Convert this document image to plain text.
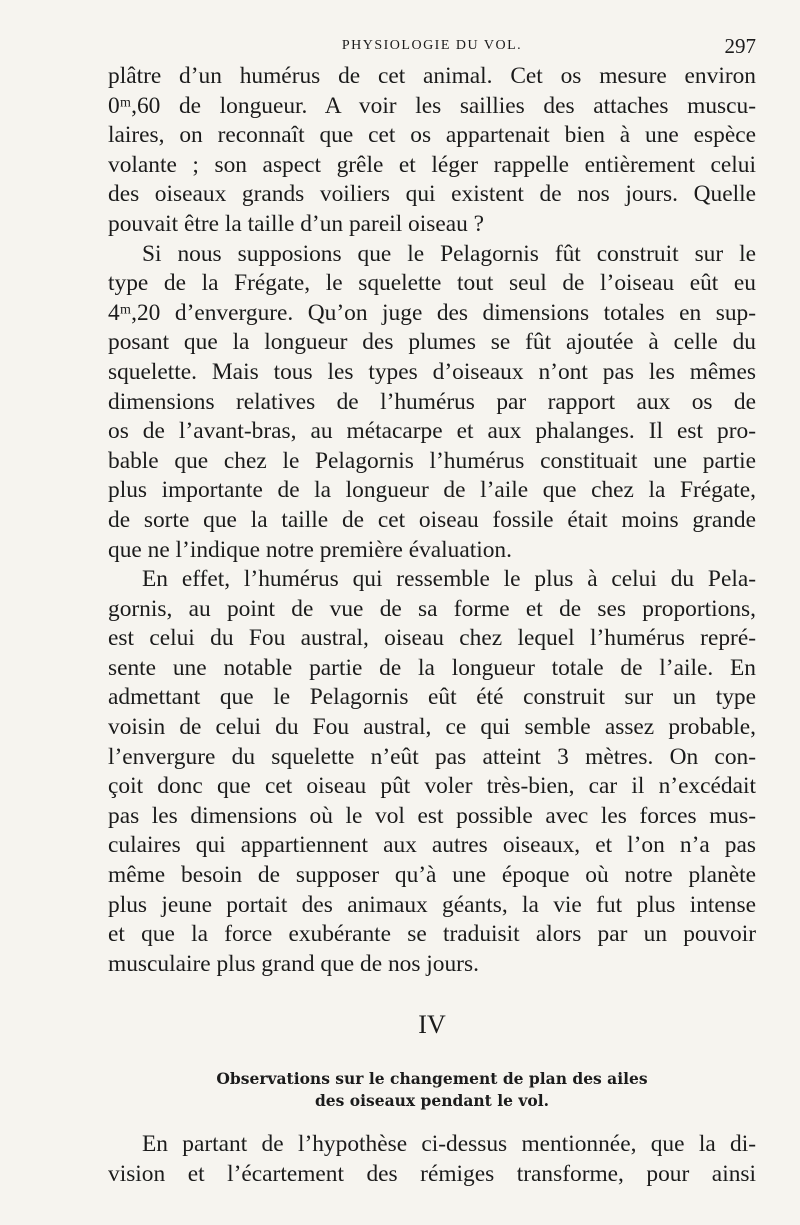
PHYSIOLOGIE DU VOL.	297
plâtre d’un humérus de cet animal. Cet os mesure environ
0ᵐ,60 de longueur. A voir les saillies des attaches muscu-
laires, on reconnaît que cet os appartenait bien à une espèce
volante ; son aspect grêle et léger rappelle entièrement celui
des oiseaux grands voiliers qui existent de nos jours. Quelle
pouvait être la taille d’un pareil oiseau ?
Si nous supposions que le Pelagornis fût construit sur le
type de la Frégate, le squelette tout seul de l’oiseau eût eu
4ᵐ,20 d’envergure. Qu’on juge des dimensions totales en sup-
posant que la longueur des plumes se fût ajoutée à celle du
squelette. Mais tous les types d’oiseaux n’ont pas les mêmes
dimensions relatives de l’humérus par rapport aux os de
os de l’avant-bras, au métacarpe et aux phalanges. Il est pro-
bable que chez le Pelagornis l’humérus constituait une partie
plus importante de la longueur de l’aile que chez la Frégate,
de sorte que la taille de cet oiseau fossile était moins grande
que ne l’indique notre première évaluation.
En effet, l’humérus qui ressemble le plus à celui du Pela-
gornis, au point de vue de sa forme et de ses proportions,
est celui du Fou austral, oiseau chez lequel l’humérus repré-
sente une notable partie de la longueur totale de l’aile. En
admettant que le Pelagornis eût été construit sur un type
voisin de celui du Fou austral, ce qui semble assez probable,
l’envergure du squelette n’eût pas atteint 3 mètres. On con-
çoit donc que cet oiseau pût voler très-bien, car il n’excédait
pas les dimensions où le vol est possible avec les forces mus-
culaires qui appartiennent aux autres oiseaux, et l’on n’a pas
même besoin de supposer qu’à une époque où notre planète
plus jeune portait des animaux géants, la vie fut plus intense
et que la force exubérante se traduisit alors par un pouvoir
musculaire plus grand que de nos jours.
IV
Observations sur le changement de plan des ailes
des oiseaux pendant le vol.
En partant de l’hypothèse ci-dessus mentionnée, que la di-
vision et l’écartement des rémiges transforme, pour ainsi
